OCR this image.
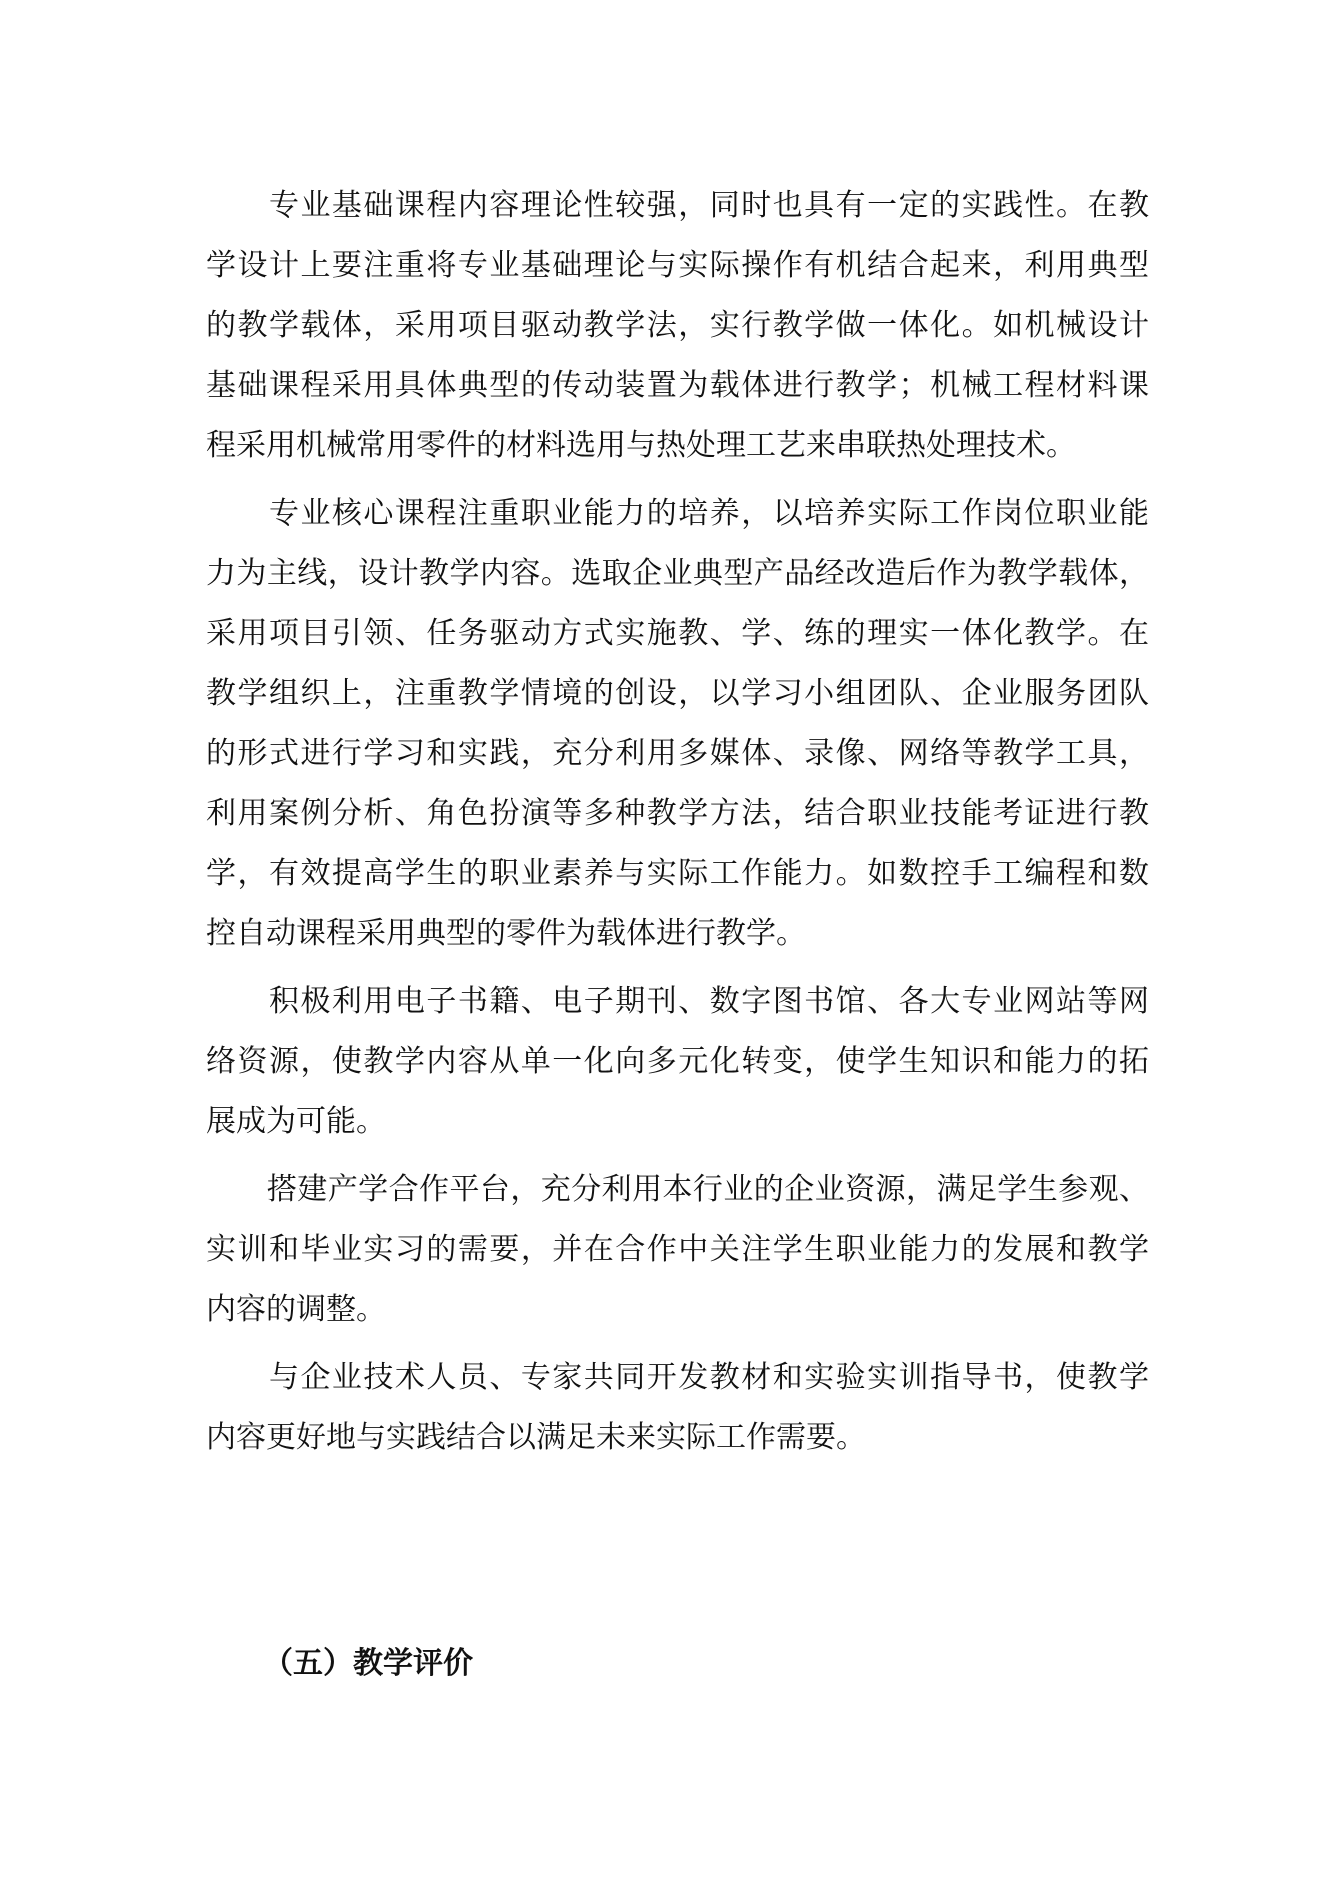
　　专业基础课程内容理论性较强，同时也具有一定的实践性。在教
学设计上要注重将专业基础理论与实际操作有机结合起来，利用典型
的教学载体，采用项目驱动教学法，实行教学做一体化。如机械设计
基础课程采用具体典型的传动装置为载体进行教学；机械工程材料课
程采用机械常用零件的材料选用与热处理工艺来串联热处理技术。
　　专业核心课程注重职业能力的培养，以培养实际工作岗位职业能
力为主线，设计教学内容。选取企业典型产品经改造后作为教学载体，
采用项目引领、任务驱动方式实施教、学、练的理实一体化教学。在
教学组织上，注重教学情境的创设，以学习小组团队、企业服务团队
的形式进行学习和实践，充分利用多媒体、录像、网络等教学工具，
利用案例分析、角色扮演等多种教学方法，结合职业技能考证进行教
学，有效提高学生的职业素养与实际工作能力。如数控手工编程和数
控自动课程采用典型的零件为载体进行教学。
　　积极利用电子书籍、电子期刊、数字图书馆、各大专业网站等网
络资源，使教学内容从单一化向多元化转变，使学生知识和能力的拓
展成为可能。
　　搭建产学合作平台，充分利用本行业的企业资源，满足学生参观、
实训和毕业实习的需要，并在合作中关注学生职业能力的发展和教学
内容的调整。
　　与企业技术人员、专家共同开发教材和实验实训指导书，使教学
内容更好地与实践结合以满足未来实际工作需要。
（五）教学评价
